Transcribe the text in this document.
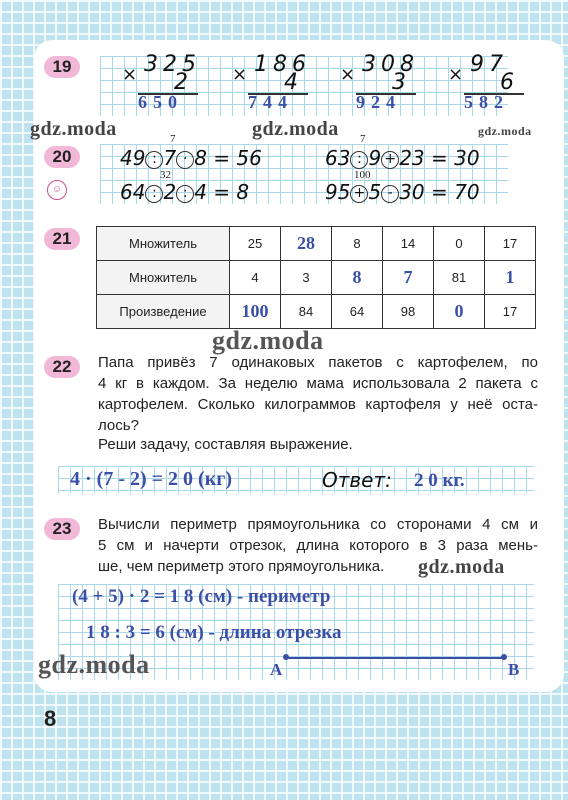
19	× 325
2
650
× 186
4
744
× 308
3
924
× 97
6
582
gdz.moda	gdz.moda	gdz.moda
20
☺
49 : 7 · 8 = 56
7
63 : 9 + 23 = 30
7
64 : 2 : 4 = 8
32
95 + 5 - 30 = 70
100
21	Множитель	25	28	8	14	0	17
Множитель	4	3	8	7	81	1
Произведение	100	84	64	98	0	17
gdz.moda
22	Папа привёз 7 одинаковых пакетов с картофелем, по
4 кг в каждом. За неделю мама использовала 2 пакета с
картофелем. Сколько килограммов картофеля у неё оста-
лось?
Реши задачу, составляя выражение.
4 · (7 - 2) = 2 0 (кг)	Ответ: 2 0 кг.
23	Вычисли периметр прямоугольника со сторонами 4 см и
5 см и начерти отрезок, длина которого в 3 раза мень-
ше, чем периметр этого прямоугольника.	gdz.moda
(4 + 5) · 2 = 1 8 (см) - периметр
1 8 : 3 = 6 (см) - длина отрезка
A	B
gdz.moda
8
